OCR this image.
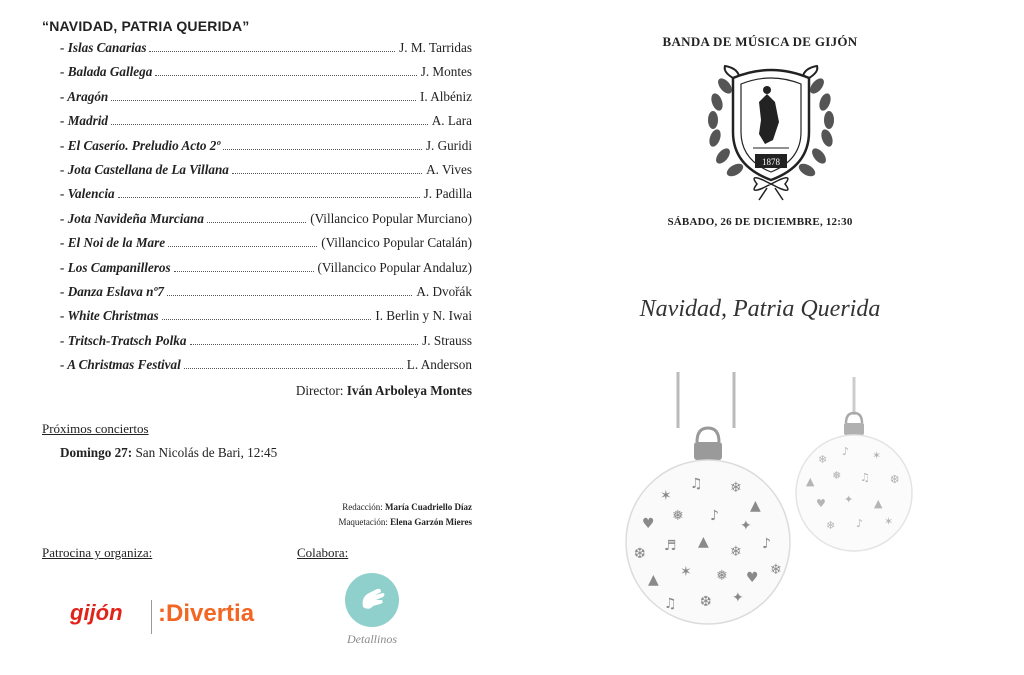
“NAVIDAD, PATRIA QUERIDA”
- Islas Canarias	J. M. Tarridas
- Balada Gallega	J. Montes
- Aragón	I. Albéniz
- Madrid	A. Lara
- El Caserío. Preludio Acto 2º	J. Guridi
- Jota Castellana de La Villana	A. Vives
- Valencia	J. Padilla
- Jota Navideña Murciana	(Villancico Popular Murciano)
- El Noi de la Mare	(Villancico Popular Catalán)
- Los Campanilleros	(Villancico Popular Andaluz)
- Danza Eslava nº7	A. Dvořák
- White Christmas	I. Berlin y N. Iwai
- Tritsch-Tratsch Polka	J. Strauss
- A Christmas Festival	L. Anderson
Director: Iván Arboleya Montes
Próximos conciertos
Domingo 27: San Nicolás de Bari, 12:45
Redacción: María Cuadriello Díaz
Maquetación: Elena Garzón Mieres
Patrocina y organiza:	Colabora:
gijón :Divertia
Detallinos
BANDA DE MÚSICA DE GIJÓN
1878
SÁBADO, 26 DE DICIEMBRE, 12:30
Navidad, Patria Querida
✶
♫ ❄
▲
♥ ❅ ♪
✦
❆ ♬ ▲
❄ ♪
▲ ✶ ❅ ♥
♫ ❆ ✦
❄
❄
♪ ✶
▲ ❅ ♫ ❆
♥ ✦ ▲
❄ ♪ ✶
